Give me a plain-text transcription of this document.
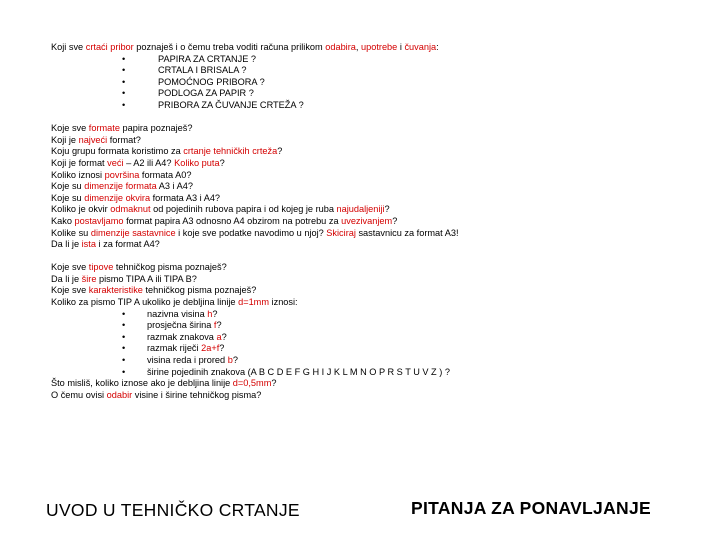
Koji sve crtaći pribor poznaješ i o čemu treba voditi računa prilikom odabira, upotrebe i čuvanja:
•	PAPIRA ZA CRTANJE ?
•	CRTALA I BRISALA ?
•	POMOĆNOG PRIBORA ?
•	PODLOGA ZA PAPIR ?
•	PRIBORA ZA ČUVANJE CRTEŽA ?
Koje sve formate papira poznaješ?
Koji je najveći format?
Koju grupu formata koristimo za crtanje tehničkih crteža?
Koji je format veći – A2 ili A4? Koliko puta?
Koliko iznosi površina formata A0?
Koje su dimenzije formata A3 i A4?
Koje su dimenzije okvira formata A3 i A4?
Koliko je okvir odmaknut od pojedinih rubova papira i od kojeg je ruba najudaljeniji?
Kako postavljamo format papira A3 odnosno A4 obzirom na potrebu za uvezivanjem?
Kolike su dimenzije sastavnice i koje sve podatke navodimo u njoj? Skiciraj sastavnicu za format A3!
Da li je ista i za format A4?
Koje sve tipove tehničkog pisma poznaješ?
Da li je šire pismo TIPA A ili TIPA B?
Koje sve karakteristike tehničkog pisma poznaješ?
Koliko za pismo TIP A ukoliko je debljina linije d=1mm iznosi:
• nazivna visina h?
• prosječna širina f?
• razmak znakova a?
• razmak riječi 2a+f?
• visina reda i prored b?
• širine pojedinih znakova (A B C D E F G H I J K L M N O P R S T U V Z ) ?
Što misliš, koliko iznose ako je debljina linije d=0,5mm?
O čemu ovisi odabir visine i širine tehničkog pisma?
UVOD U TEHNIČKO CRTANJE	PITANJA ZA PONAVLJANJE
